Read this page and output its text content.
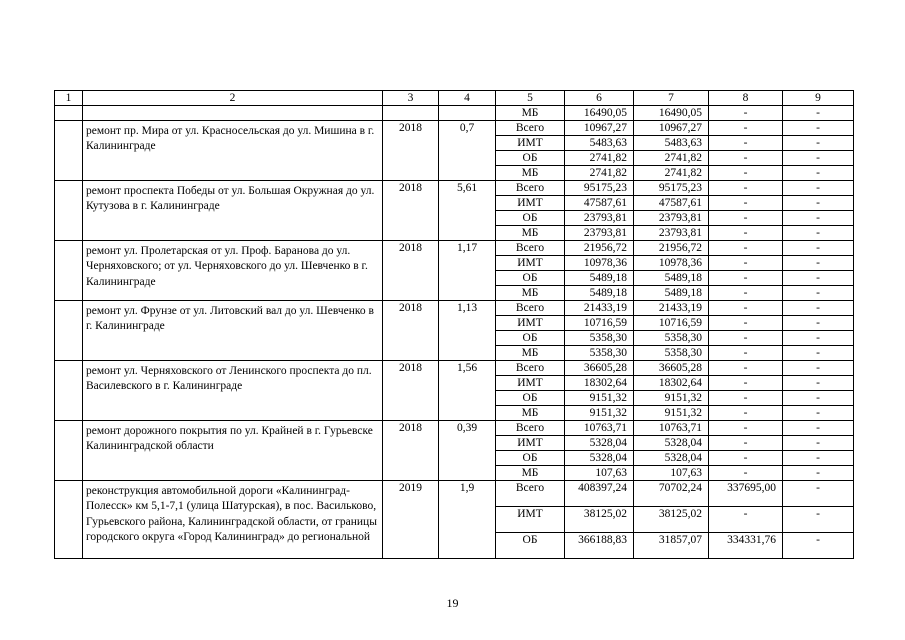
1	2	3	4	5	6	7	8	9
				МБ	16490,05	16490,05	-	-
	ремонт пр. Мира от ул. Красносельская до ул. Мишина в г. Калининграде	2018	0,7	Всего	10967,27	10967,27	-	-
				ИМТ	5483,63	5483,63	-	-
				ОБ	2741,82	2741,82	-	-
				МБ	2741,82	2741,82	-	-
	ремонт проспекта Победы от ул. Большая Окружная до ул. Кутузова в г. Калининграде	2018	5,61	Всего	95175,23	95175,23	-	-
				ИМТ	47587,61	47587,61	-	-
				ОБ	23793,81	23793,81	-	-
				МБ	23793,81	23793,81	-	-
	ремонт ул. Пролетарская от ул. Проф. Баранова до ул. Черняховского; от ул. Черняховского до ул. Шевченко в г. Калининграде	2018	1,17	Всего	21956,72	21956,72	-	-
				ИМТ	10978,36	10978,36	-	-
				ОБ	5489,18	5489,18	-	-
				МБ	5489,18	5489,18	-	-
	ремонт ул. Фрунзе от ул. Литовский вал до ул. Шевченко в г. Калининграде	2018	1,13	Всего	21433,19	21433,19	-	-
				ИМТ	10716,59	10716,59	-	-
				ОБ	5358,30	5358,30	-	-
				МБ	5358,30	5358,30	-	-
	ремонт ул. Черняховского от Ленинского проспекта до пл. Василевского в г. Калининграде	2018	1,56	Всего	36605,28	36605,28	-	-
				ИМТ	18302,64	18302,64	-	-
				ОБ	9151,32	9151,32	-	-
				МБ	9151,32	9151,32	-	-
	ремонт дорожного покрытия по ул. Крайней в г. Гурьевске Калининградской области	2018	0,39	Всего	10763,71	10763,71	-	-
				ИМТ	5328,04	5328,04	-	-
				ОБ	5328,04	5328,04	-	-
				МБ	107,63	107,63	-	-
	реконструкция автомобильной дороги «Калининград-Полесск» км 5,1-7,1 (улица Шатурская), в пос. Васильково, Гурьевского района, Калининградской области, от границы городского округа «Город Калининград» до региональной	2019	1,9	Всего	408397,24	70702,24	337695,00	-
				ИМТ	38125,02	38125,02	-	-
				ОБ	366188,83	31857,07	334331,76	-
19
